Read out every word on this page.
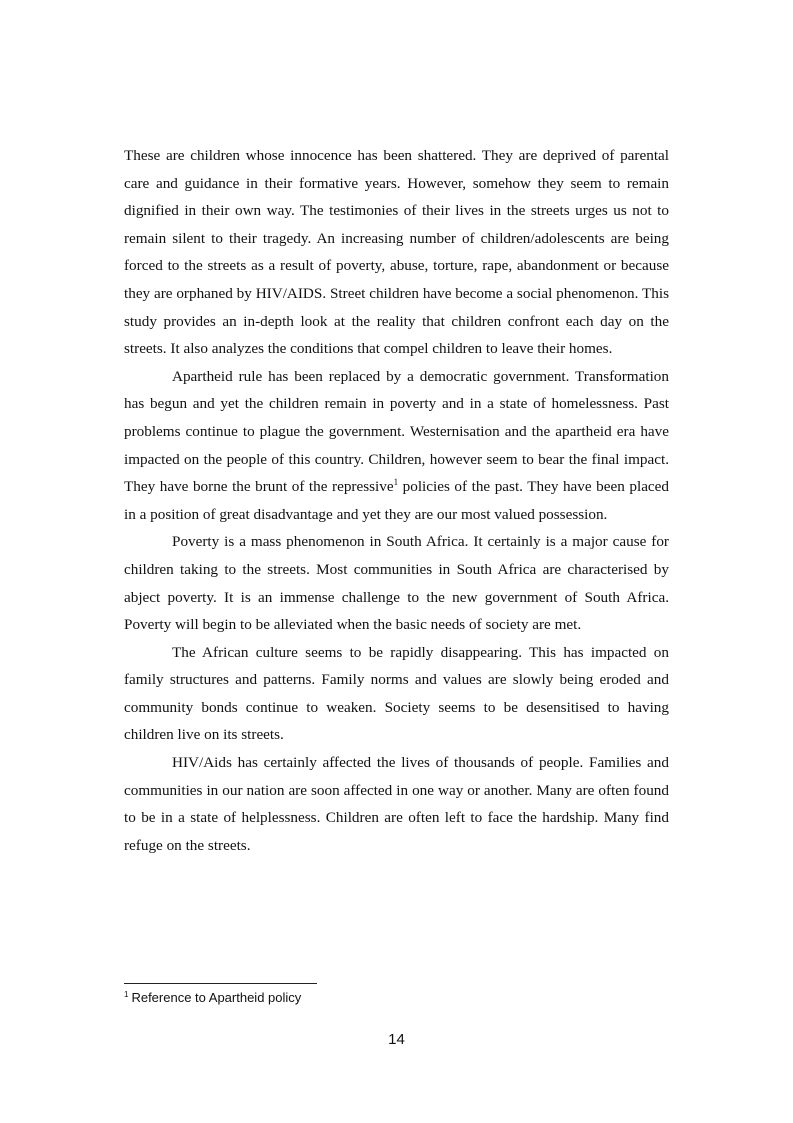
These are children whose innocence has been shattered. They are deprived of parental care and guidance in their formative years. However, somehow they seem to remain dignified in their own way. The testimonies of their lives in the streets urges us not to remain silent to their tragedy. An increasing number of children/adolescents are being forced to the streets as a result of poverty, abuse, torture, rape, abandonment or because they are orphaned by HIV/AIDS. Street children have become a social phenomenon. This study provides an in-depth look at the reality that children confront each day on the streets. It also analyzes the conditions that compel children to leave their homes.

Apartheid rule has been replaced by a democratic government. Transformation has begun and yet the children remain in poverty and in a state of homelessness. Past problems continue to plague the government. Westernisation and the apartheid era have impacted on the people of this country. Children, however seem to bear the final impact. They have borne the brunt of the repressive$^1$ policies of the past. They have been placed in a position of great disadvantage and yet they are our most valued possession.

Poverty is a mass phenomenon in South Africa. It certainly is a major cause for children taking to the streets. Most communities in South Africa are characterised by abject poverty. It is an immense challenge to the new government of South Africa. Poverty will begin to be alleviated when the basic needs of society are met.

The African culture seems to be rapidly disappearing. This has impacted on family structures and patterns. Family norms and values are slowly being eroded and community bonds continue to weaken. Society seems to be desensitised to having children live on its streets.

HIV/Aids has certainly affected the lives of thousands of people. Families and communities in our nation are soon affected in one way or another. Many are often found to be in a state of helplessness. Children are often left to face the hardship. Many find refuge on the streets.

$^1$ Reference to Apartheid policy
14
